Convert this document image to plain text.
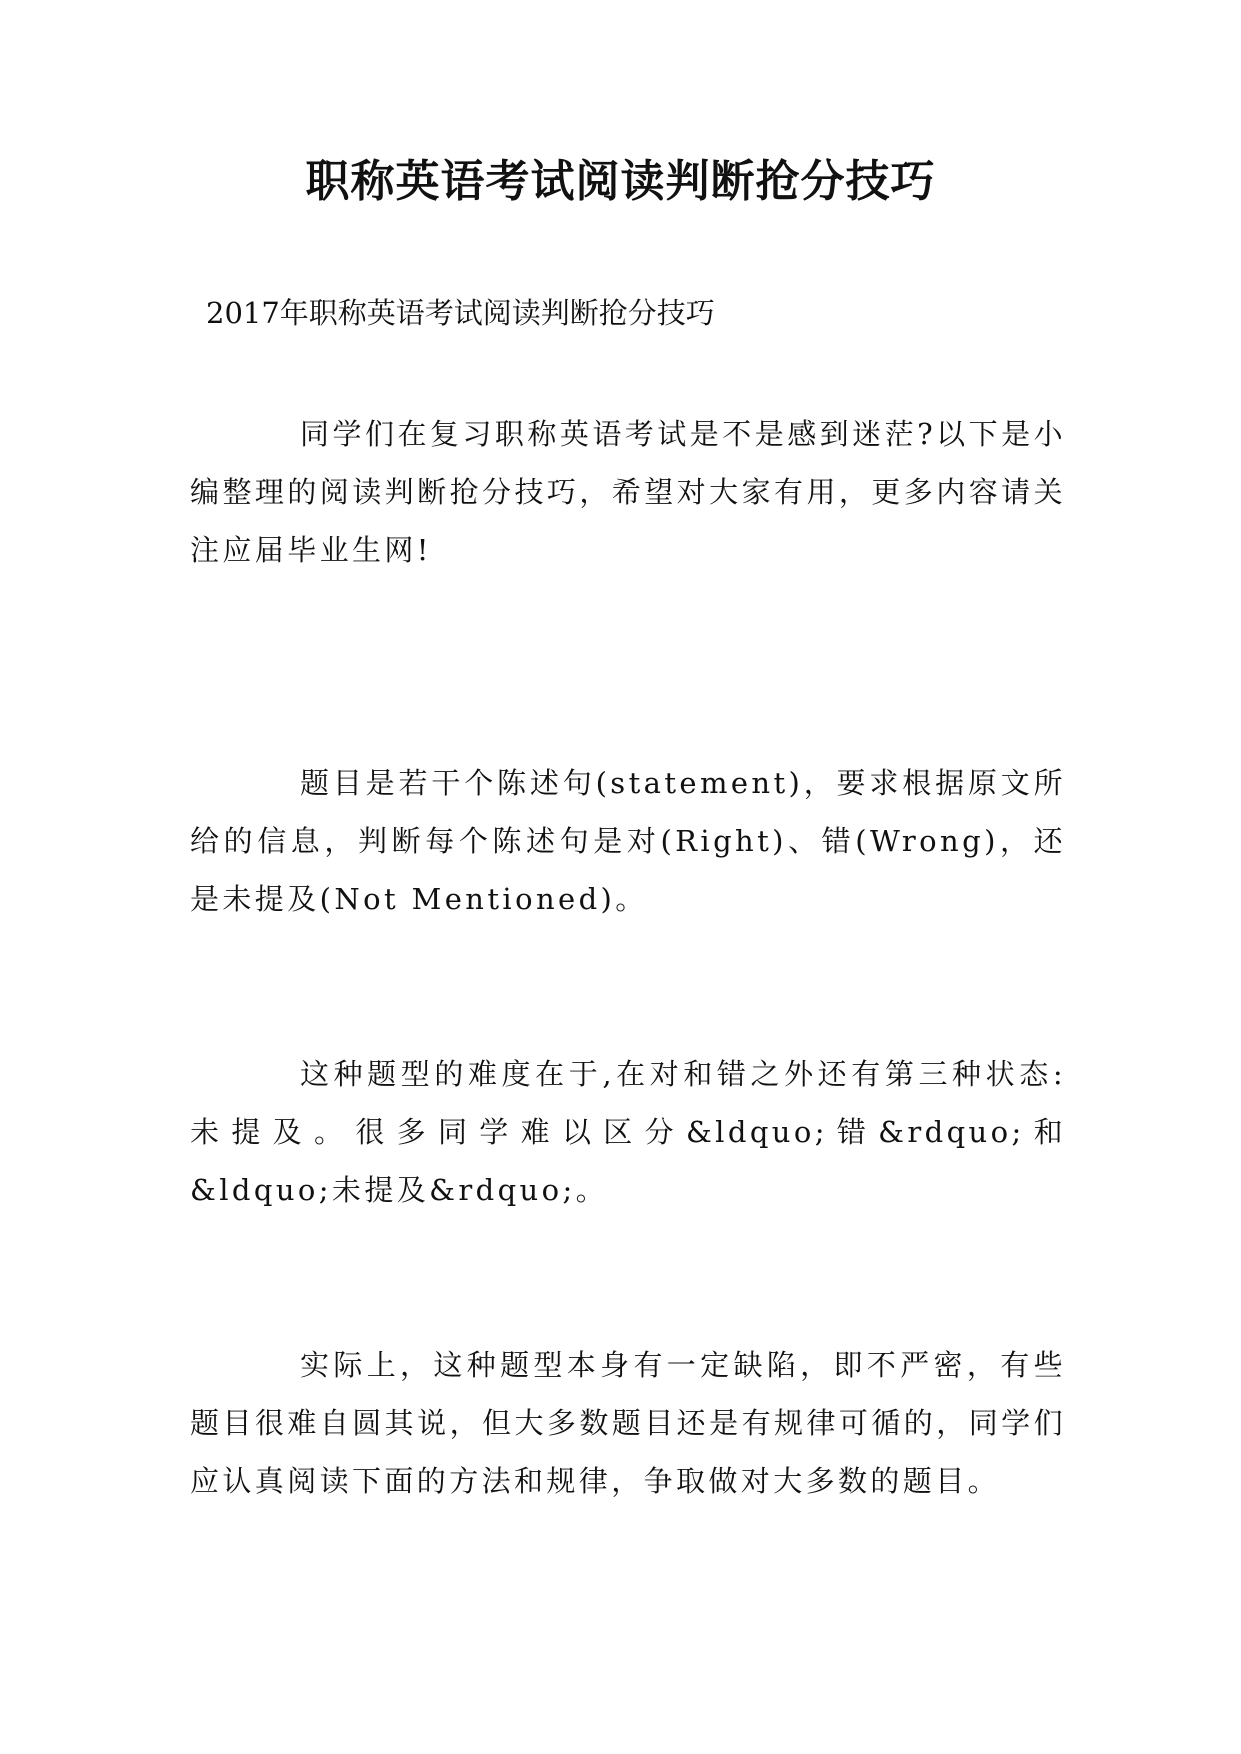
职称英语考试阅读判断抢分技巧

2017年职称英语考试阅读判断抢分技巧

同学们在复习职称英语考试是不是感到迷茫?以下是小编整理的阅读判断抢分技巧，希望对大家有用，更多内容请关注应届毕业生网!

题目是若干个陈述句(statement)，要求根据原文所给的信息，判断每个陈述句是对(Right)、错(Wrong)，还是未提及(Not Mentioned)。

这种题型的难度在于,在对和错之外还有第三种状态:未提及。很多同学难以区分&ldquo;错&rdquo;和&ldquo;未提及&rdquo;。

实际上，这种题型本身有一定缺陷，即不严密，有些题目很难自圆其说，但大多数题目还是有规律可循的，同学们应认真阅读下面的方法和规律，争取做对大多数的题目。
